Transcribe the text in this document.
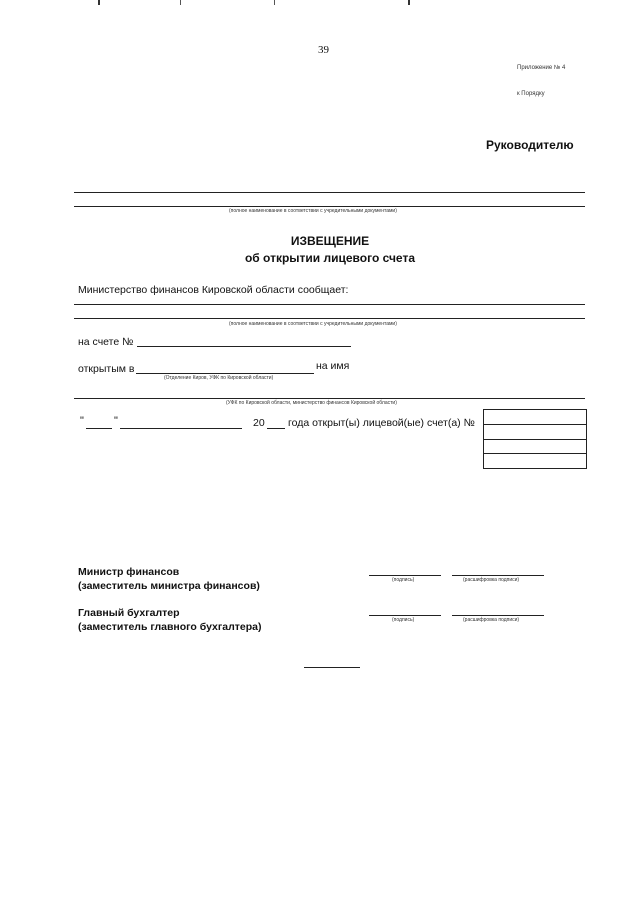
39
Приложение № 4
к Порядку
Руководителю
(полное наименование в соответствии с учредительными документами)
ИЗВЕЩЕНИЕ
об открытии лицевого счета
Министерство финансов Кировской области сообщает:
(полное наименование в соответствии с учредительными документами)
на счете №
открытым в
(Отделение Киров, УФК по Кировской области)
на имя
(УФК по Кировской области, министерство финансов Кировской области)
"	"	20 года открыт(ы) лицевой(ые) счет(а) №
Министр финансов
(заместитель министра финансов)	(подпись)	(расшифровка подписи)
Главный бухгалтер
(заместитель главного бухгалтера)
(подпись)	(расшифровка подписи)
